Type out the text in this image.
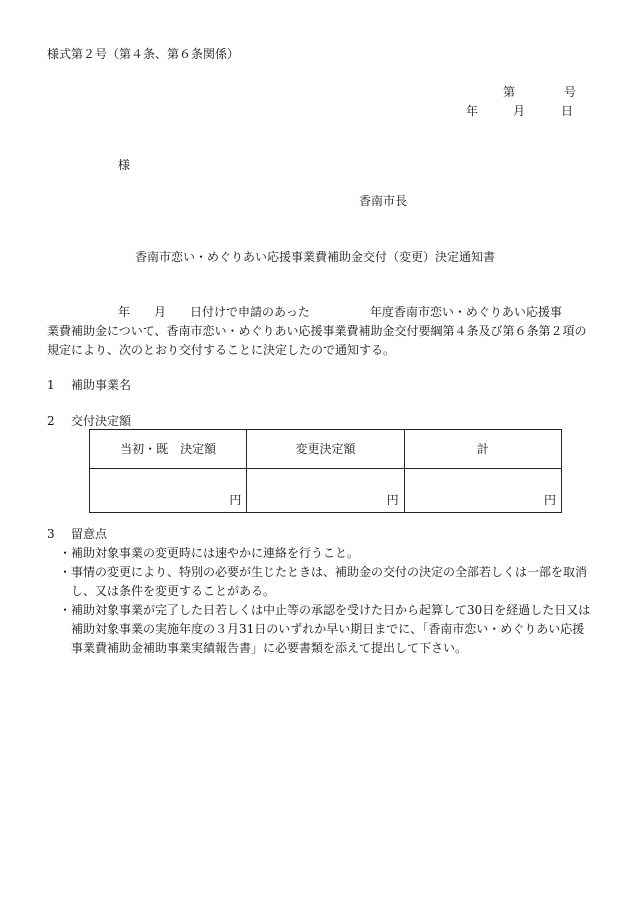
様式第２号（第４条、第６条関係）
第	号
年	月	日
様
香南市長
香南市恋い・めぐりあい応援事業費補助金交付（変更）決定通知書
年 月 日付けで申請のあった	年度香南市恋い・めぐりあい応援事
業費補助金について、香南市恋い・めぐりあい応援事業費補助金交付要綱第４条及び第６条第２項の
規定により、次のとおり交付することに決定したので通知する。
1 補助事業名
2 交付決定額
当初・既　決定額	変更決定額	計
円	円	円
3 留意点
・補助対象事業の変更時には速やかに連絡を行うこと。
・事情の変更により、特別の必要が生じたときは、補助金の交付の決定の全部若しくは一部を取消
し、又は条件を変更することがある。
・補助対象事業が完了した日若しくは中止等の承認を受けた日から起算して30日を経過した日又は
補助対象事業の実施年度の３月31日のいずれか早い期日までに、「香南市恋い・めぐりあい応援
事業費補助金補助事業実績報告書」に必要書類を添えて提出して下さい。
